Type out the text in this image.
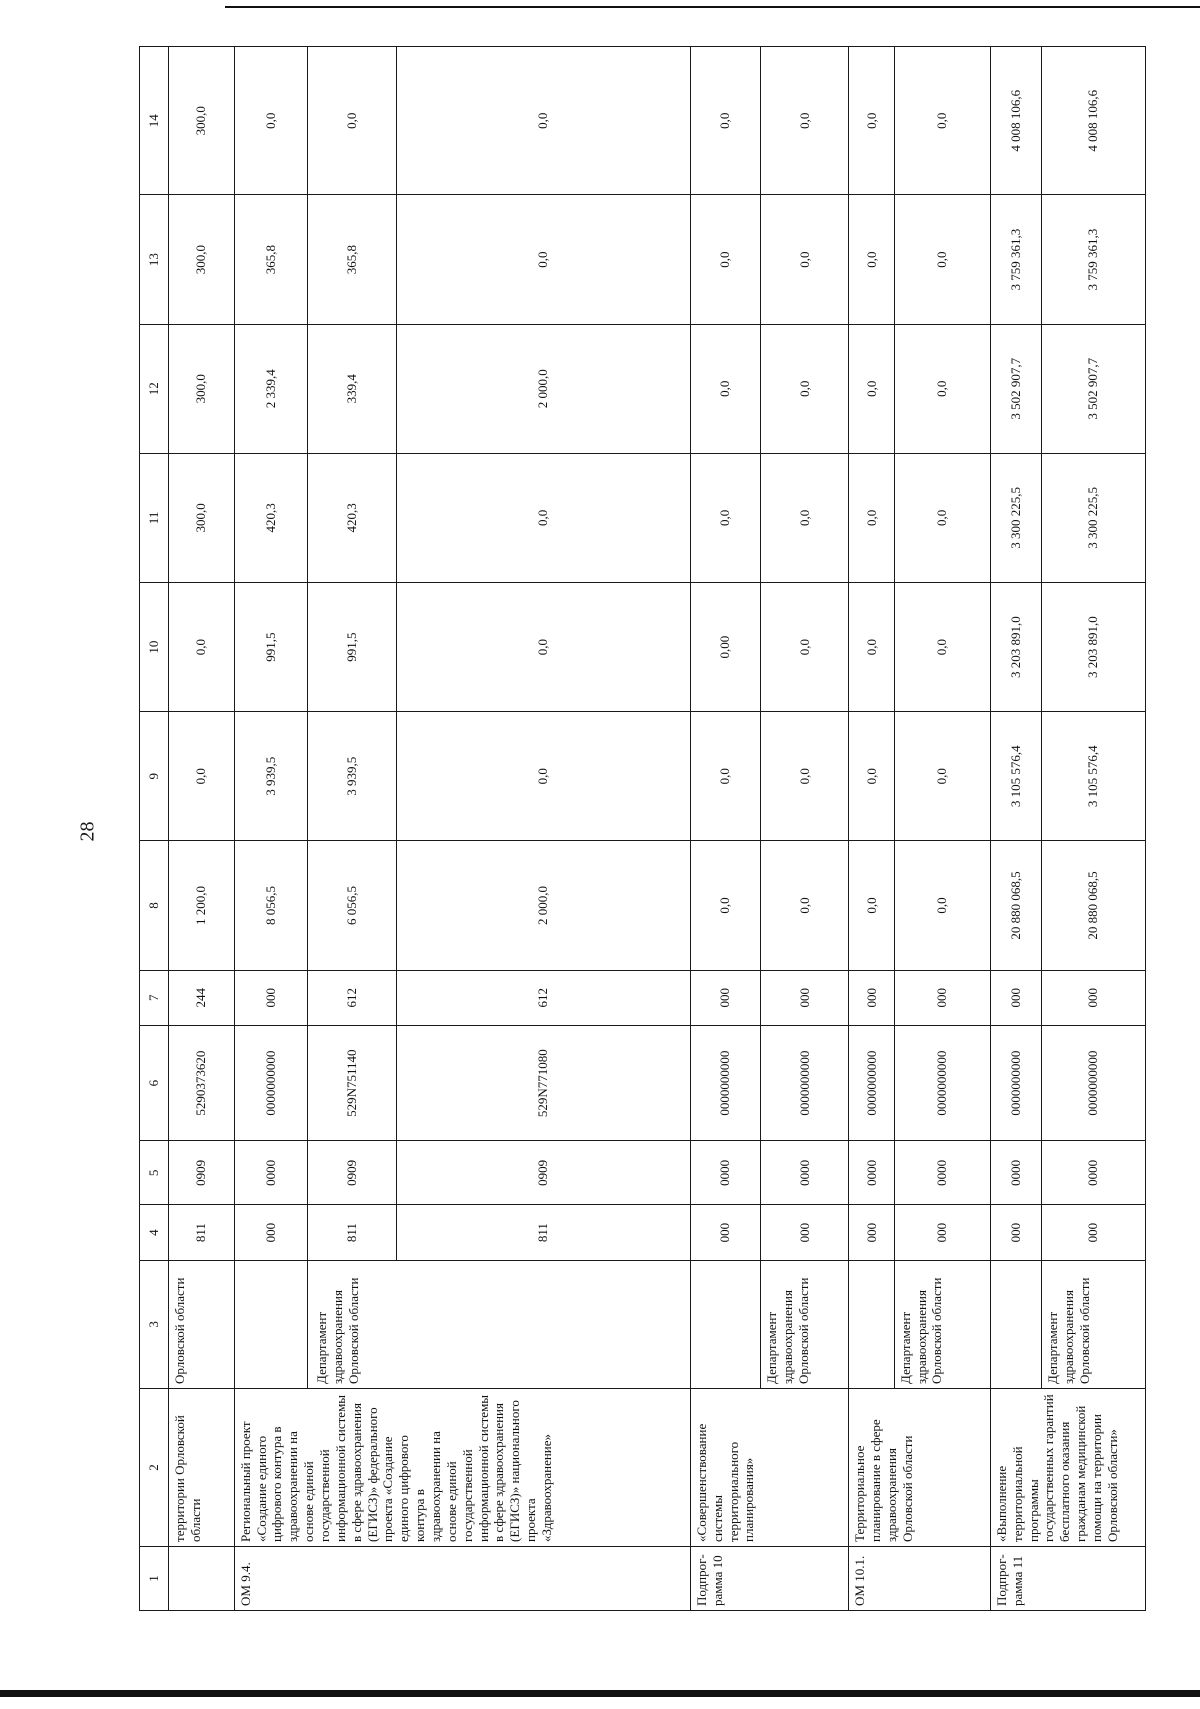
28
1	2	3	4	5	6	7	8	9	10	11	12	13	14
	территории Орловской области	Орловской области	811	0909	5290373620	244	1 200,0	0,0	0,0	300,0	300,0	300,0	300,0
ОМ 9.4.	Региональный проект «Создание единого цифрового контура в здравоохранении на основе единой государственной информационной системы в сфере здравоохранения (ЕГИСЗ)» федерального проекта «Создание единого цифрового контура в здравоохранении на основе единой государственной информационной системы в сфере здравоохранения (ЕГИСЗ)» национального проекта «Здравоохранение»		000	0000	0000000000	000	8 056,5	3 939,5	991,5	420,3	2 339,4	365,8	0,0
		Департамент здравоохранения Орловской области	811	0909	529N751140	612	6 056,5	3 939,5	991,5	420,3	339,4	365,8	0,0
			811	0909	529N771080	612	2 000,0	0,0	0,0	0,0	2 000,0	0,0	0,0
Подпрог-рамма 10	«Совершенствование системы территориального планирования»		000	0000	0000000000	000	0,0	0,0	0,00	0,0	0,0	0,0	0,0
		Департамент здравоохранения Орловской области	000	0000	0000000000	000	0,0	0,0	0,0	0,0	0,0	0,0	0,0
ОМ 10.1.	Территориальное планирование в сфере здравоохранения Орловской области		000	0000	0000000000	000	0,0	0,0	0,0	0,0	0,0	0,0	0,0
		Департамент здравоохранения Орловской области	000	0000	0000000000	000	0,0	0,0	0,0	0,0	0,0	0,0	0,0
Подпрог-рамма 11	«Выполнение территориальной программы государственных гарантий бесплатного оказания гражданам медицинской помощи на территории Орловской области»		000	0000	0000000000	000	20 880 068,5	3 105 576,4	3 203 891,0	3 300 225,5	3 502 907,7	3 759 361,3	4 008 106,6
		Департамент здравоохранения Орловской области	000	0000	0000000000	000	20 880 068,5	3 105 576,4	3 203 891,0	3 300 225,5	3 502 907,7	3 759 361,3	4 008 106,6
